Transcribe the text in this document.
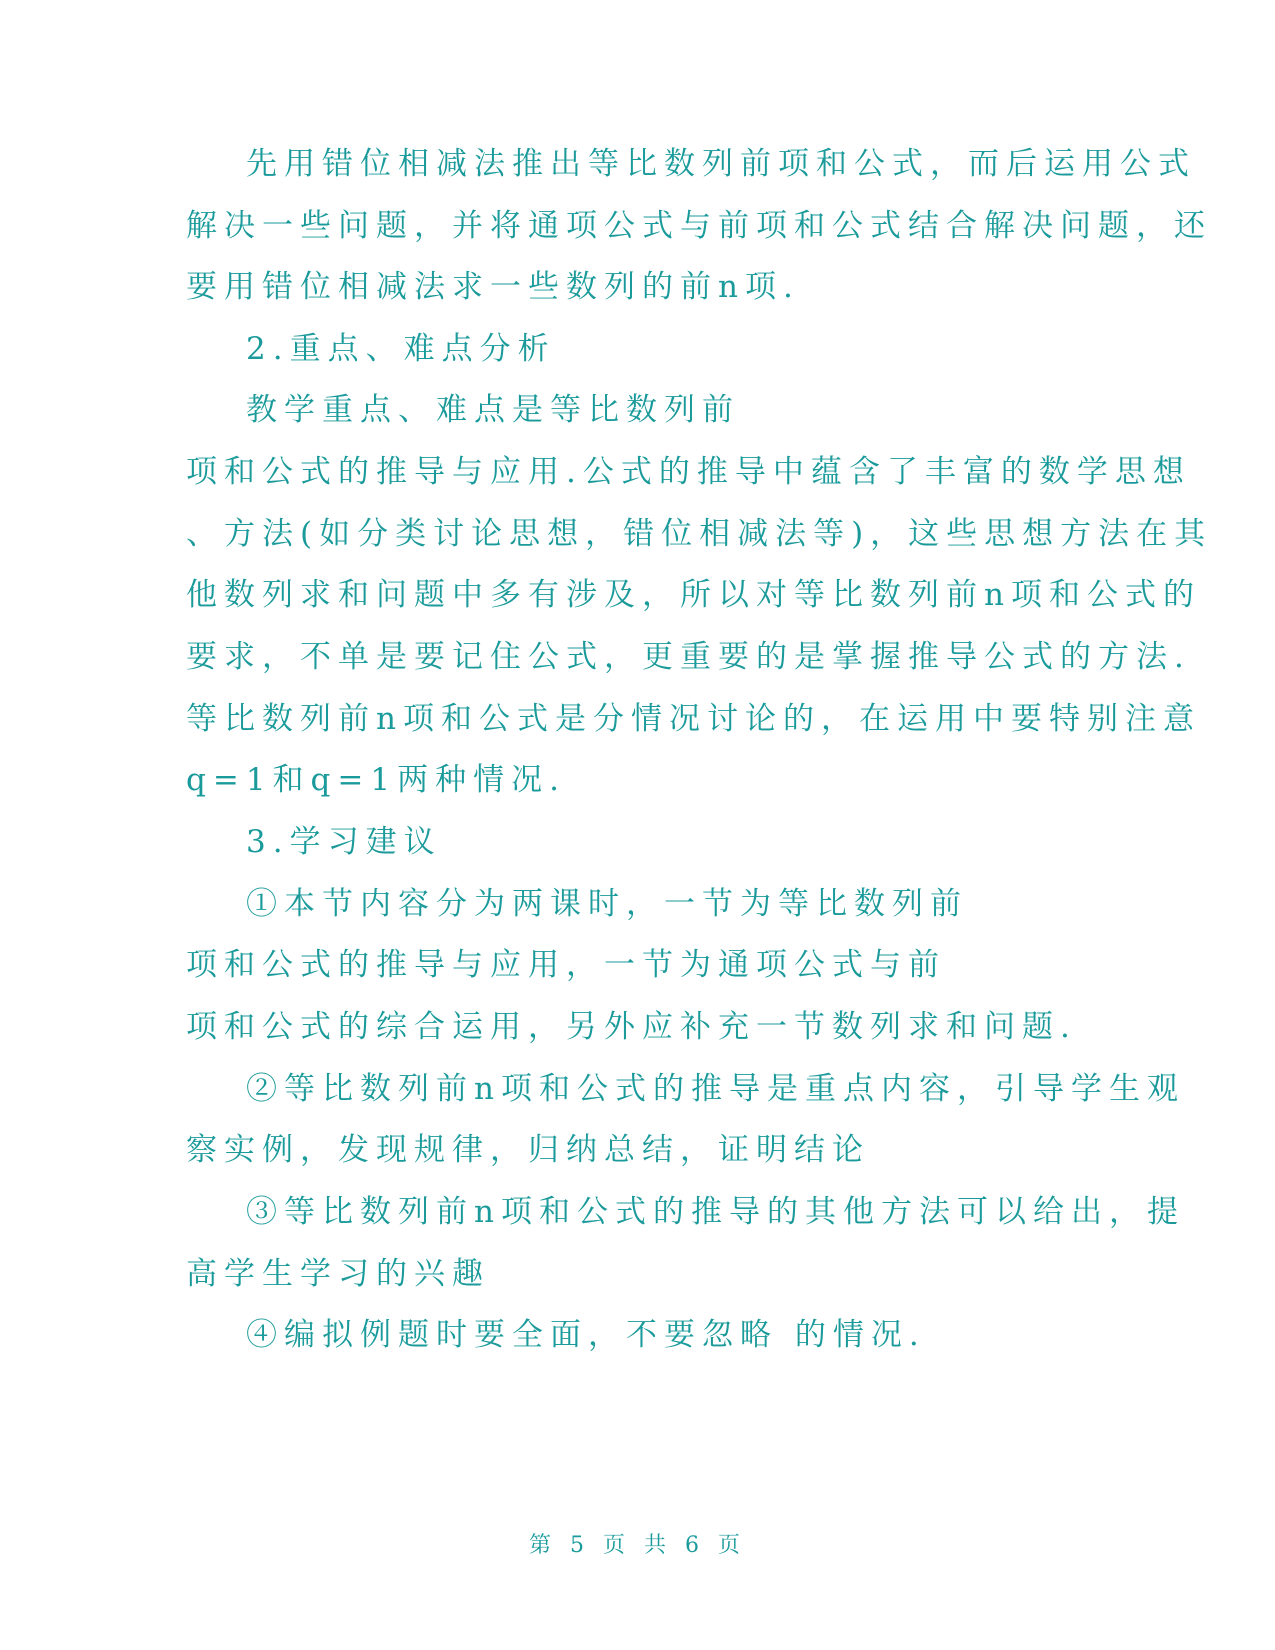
先用错位相减法推出等比数列前项和公式，而后运用公式
解决一些问题，并将通项公式与前项和公式结合解决问题，还
要用错位相减法求一些数列的前n项.
2.重点、难点分析
教学重点、难点是等比数列前
项和公式的推导与应用.公式的推导中蕴含了丰富的数学思想
、方法(如分类讨论思想，错位相减法等)，这些思想方法在其
他数列求和问题中多有涉及，所以对等比数列前n项和公式的
要求，不单是要记住公式，更重要的是掌握推导公式的方法.
等比数列前n项和公式是分情况讨论的，在运用中要特别注意
q=1和q=1两种情况.
3.学习建议
①本节内容分为两课时，一节为等比数列前
项和公式的推导与应用，一节为通项公式与前
项和公式的综合运用，另外应补充一节数列求和问题.
②等比数列前n项和公式的推导是重点内容，引导学生观
察实例，发现规律，归纳总结，证明结论
③等比数列前n项和公式的推导的其他方法可以给出，提
高学生学习的兴趣
④编拟例题时要全面，不要忽略 的情况.
第 5 页 共 6 页
